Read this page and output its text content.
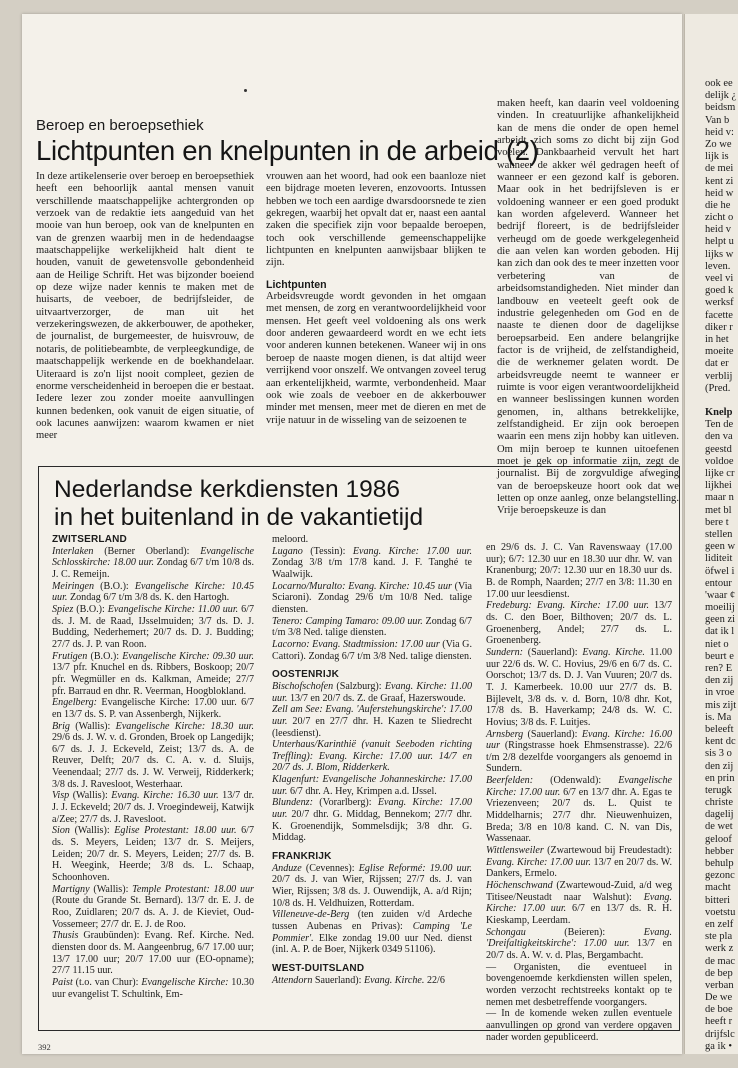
Beroep en beroepsethiek
Lichtpunten en knelpunten in de arbeid (2)

In deze artikelenserie over beroep en beroepsethiek heeft een behoorlijk aantal mensen vanuit verschillende maatschappelijke achtergronden op verzoek van de redaktie iets aangeduid van het mooie van hun beroep, ook van de knelpunten en van de grenzen waarbij men in de hedendaagse maatschappelijke werkelijkheid halt dient te houden, vanuit de gewetensvolle gebondenheid aan de Heilige Schrift. Het was bijzonder boeiend op deze wijze nader kennis te maken met de huisarts, de veeboer, de bedrijfsleider, de uitvaartverzorger, de man uit het verzekeringswezen, de akkerbouwer, de apotheker, de journalist, de burgemeester, de huisvrouw, de notaris, de politiebeambte, de verpleegkundige, de maatschappelijk werkende en de boekhandelaar. Uiteraard is zo'n lijst nooit compleet, gezien de enorme verscheidenheid in beroepen die er bestaat. Iedere lezer zou zonder moeite aanvullingen kunnen bedenken, ook vanuit de eigen situatie, of ook lacunes aanwijzen: waarom kwamen er niet meer

vrouwen aan het woord, had ook een baanloze niet een bijdrage moeten leveren, enzovoorts. Intussen hebben we toch een aardige dwarsdoorsnede te zien gekregen, waarbij het opvalt dat er, naast een aantal zaken die specifiek zijn voor bepaalde beroepen, toch ook verschillende gemeenschappelijke lichtpunten en knelpunten aanwijsbaar blijken te zijn.

Lichtpunten

Arbeidsvreugde wordt gevonden in het omgaan met mensen, de zorg en verantwoordelijkheid voor mensen. Het geeft veel voldoening als ons werk door anderen gewaardeerd wordt en we echt iets voor anderen kunnen betekenen. Waneer wij in ons beroep de naaste mogen dienen, is dat altijd weer verrijkend voor onszelf. We ontvangen zoveel terug aan erkentelijkheid, warmte, verbondenheid. Maar ook wie zoals de veeboer en de akkerbouwer minder met mensen, meer met de dieren en met de vrije natuur in de wisseling van de seizoenen te

maken heeft, kan daarin veel voldoening vinden. In creatuurlijke afhankelijkheid kan de mens die onder de open hemel arbeidt, zich soms zo dicht bij zijn God voelen. Dankbaarheid vervult het hart wanneer de akker wél gedragen heeft of wanneer er een gezond kalf is geboren. Maar ook in het bedrijfsleven is er voldoening wanneer er een goed produkt kan worden afgeleverd. Wanneer het bedrijf floreert, is de bedrijfsleider verheugd om de goede werkgelegenheid die aan velen kan worden geboden. Hij kan zich dan ook des te meer inzetten voor verbetering van de arbeidsomstandigheden. Niet minder dan landbouw en veeteelt geeft ook de industrie gelegenheden om God en de naaste te dienen door de dagelijkse beroepsarbeid. Een andere belangrijke factor is de vrijheid, de zelfstandigheid, die de werknemer gelaten wordt. De arbeidsvreugde neemt te wanneer er ruimte is voor eigen verantwoordelijkheid en wanneer beslissingen kunnen worden genomen, in, althans betrekkelijke, zelfstandigheid. Er zijn ook beroepen waarin een mens zijn hobby kan uitleven. Om mijn beroep te kunnen uitoefenen moet je gek op informatie zijn, zegt de journalist. Bij de zorgvuldige afweging van de beroepskeuze hoort ook dat we letten op onze aanleg, onze belangstelling. Vrije beroepskeuze is dan

Nederlandse kerkdiensten 1986
in het buitenland in de vakantietijd

ZWITSERLAND

Interlaken (Berner Oberland): Evangelische Schlosskirche: 18.00 uur. Zondag 6/7 t/m 10/8 ds. J. C. Remeijn.

Meiringen (B.O.): Evangelische Kirche: 10.45 uur. Zondag 6/7 t/m 3/8 ds. K. den Hartogh.

Spiez (B.O.): Evangelische Kirche: 11.00 uur. 6/7 ds. J. M. de Raad, IJsselmuiden; 3/7 ds. D. J. Budding, Nederhemert; 20/7 ds. D. J. Budding; 27/7 ds. J. P. van Roon.

Frutigen (B.O.): Evangelische Kirche: 09.30 uur. 13/7 pfr. Knuchel en ds. Ribbers, Boskoop; 20/7 pfr. Wegmüller en ds. Kalkman, Ameide; 27/7 pfr. Barraud en dhr. R. Veerman, Hoogblokland.

Engelberg: Evangelische Kirche: 17.00 uur. 6/7 en 13/7 ds. S. P. van Assenbergh, Nijkerk.

Brig (Wallis): Evangelische Kirche: 18.30 uur. 29/6 ds. J. W. v. d. Gronden, Broek op Langedijk; 6/7 ds. J. J. Eckeveld, Zeist; 13/7 ds. A. de Reuver, Delft; 20/7 ds. C. A. v. d. Sluijs, Veenendaal; 27/7 ds. J. W. Verweij, Ridderkerk; 3/8 ds. J. Ravesloot, Westerhaar.

Visp (Wallis): Evang. Kirche: 16.30 uur. 13/7 dr. J. J. Eckeveld; 20/7 ds. J. Vroegindeweij, Katwijk a/Zee; 27/7 ds. J. Ravesloot.

Sion (Wallis): Eglise Protestant: 18.00 uur. 6/7 ds. S. Meyers, Leiden; 13/7 dr. S. Meijers, Leiden; 20/7 dr. S. Meyers, Leiden; 27/7 ds. B. H. Weegink, Heerde; 3/8 ds. L. Schaap, Schoonhoven.

Martigny (Wallis): Temple Protestant: 18.00 uur (Route du Grande St. Bernard). 13/7 dr. E. J. de Roo, Zuidlaren; 20/7 ds. A. J. de Kieviet, Oud-Vossemeer; 27/7 dr. E. J. de Roo.

Thusis Graubünden): Evang. Ref. Kirche. Ned. diensten door ds. M. Aangeenbrug, 6/7 17.00 uur; 13/7 17.00 uur; 20/7 17.00 uur (EO-opname); 27/7 11.15 uur.

Paist (t.o. van Chur): Evangelische Kirche: 10.30 uur evangelist T. Schultink, Em-

meloord.

Lugano (Tessin): Evang. Kirche: 17.00 uur. Zondag 3/8 t/m 17/8 kand. J. F. Tanghé te Waalwijk.

Locarno/Muralto: Evang. Kirche: 10.45 uur (Via Sciaroni). Zondag 29/6 t/m 10/8 Ned. talige diensten.

Tenero: Camping Tamaro: 09.00 uur. Zondag 6/7 t/m 3/8 Ned. talige diensten.

Lacorno: Evang. Stadtmission: 17.00 uur (Via G. Cattori). Zondag 6/7 t/m 3/8 Ned. talige diensten.

OOSTENRIJK

Bischofschofen (Salzburg): Evang. Kirche: 11.00 uur. 13/7 en 20/7 ds. Z. de Graaf, Hazerswoude.

Zell am See: Evang. 'Auferstehungskirche': 17.00 uur. 20/7 en 27/7 dhr. H. Kazen te Sliedrecht (leesdienst).

Unterhaus/Karinthië (vanuit Seeboden richting Treffling): Evang. Kirche: 17.00 uur. 14/7 en 20/7 ds. J. Blom, Ridderkerk.

Klagenfurt: Evangelische Johanneskirche: 17.00 uur. 6/7 dhr. A. Hey, Krimpen a.d. IJssel.

Blundenz: (Vorarlberg): Evang. Kirche: 17.00 uur. 20/7 dhr. G. Middag, Bennekom; 27/7 dhr. K. Groenendijk, Sommelsdijk; 3/8 dhr. G. Middag.

FRANKRIJK

Anduze (Cevennes): Eglise Reformé: 19.00 uur. 20/7 ds. J. van Wier, Rijssen; 27/7 ds. J. van Wier, Rijssen; 3/8 ds. J. Ouwendijk, A. a/d Rijn; 10/8 ds. H. Veldhuizen, Rotterdam.

Villeneuve-de-Berg (ten zuiden v/d Ardeche tussen Aubenas en Privas): Camping 'Le Pommier'. Elke zondag 19.00 uur Ned. dienst (inl. A. P. de Boer, Nijkerk 0349 51106).

WEST-DUITSLAND

Attendorn Sauerland): Evang. Kirche. 22/6

en 29/6 ds. J. C. Van Ravenswaay (17.00 uur); 6/7: 12.30 uur en 18.30 uur dhr. W. van Kranenburg; 20/7: 12.30 uur en 18.30 uur ds. B. de Romph, Naarden; 27/7 en 3/8: 11.30 en 17.00 uur leesdienst.

Fredeburg: Evang. Kirche: 17.00 uur. 13/7 ds. C. den Boer, Bilthoven; 20/7 ds. L. Groenenberg, Andel; 27/7 ds. L. Groenenberg.

Sundern: (Sauerland): Evang. Kirche. 11.00 uur 22/6 ds. W. C. Hovius, 29/6 en 6/7 ds. C. Oorschot; 13/7 ds. D. J. Van Vuuren; 20/7 ds. T. J. Kamerbeek. 10.00 uur 27/7 ds. B. Bijlevelt, 3/8 ds. v. d. Born, 10/8 dhr. Kot, 17/8 ds. B. Haverkamp; 24/8 ds. W. C. Hovius; 3/8 ds. F. Luitjes.

Arnsberg (Sauerland): Evang. Kirche: 16.00 uur (Ringstrasse hoek Ehmsenstrasse). 22/6 t/m 2/8 dezelfde voorgangers als genoemd in Sundern.

Beerfelden: (Odenwald): Evangelische Kirche: 17.00 uur. 6/7 en 13/7 dhr. A. Egas te Vriezenveen; 20/7 ds. L. Quist te Middelharnis; 27/7 dhr. Nieuwenhuizen, Breda; 3/8 en 10/8 kand. C. N. van Dis, Wassenaar.

Wittlensweiler (Zwartewoud bij Freudestadt): Evang. Kirche: 17.00 uur. 13/7 en 20/7 ds. W. Dankers, Ermelo.

Höchenschwand (Zwartewoud-Zuid, a/d weg Titisee/Neustadt naar Walshut): Evang. Kirche: 17.00 uur. 6/7 en 13/7 ds. R. H. Kieskamp, Leerdam.

Schongau (Beieren): Evang. 'Dreifaltigkeitskirche': 17.00 uur. 13/7 en 20/7 ds. A. W. v. d. Plas, Bergambacht.

— Organisten, die eventueel in bovengenoemde kerkdiensten willen spelen, worden verzocht rechtstreeks kontakt op te nemen met desbetreffende voorgangers.

— In de komende weken zullen eventuele aanvullingen op grond van verdere opgaven nader worden gepubliceerd.

392
ook ee
delijk ¿
beidsm
Van b
heid v:
Zo we
lijk is
de mei
kent zi
heid w
die he
zicht o
heid v
helpt u
lijks w
leven.
veel vi
goed k
werksf
facette
diker r
in het
moeite
dat er
verblij
(Pred.
Knelp
Ten de
den va
geestd
voldoe
lijke cr
lijkhei
maar n
met bl
bere t
stellen
geen w
liditeit
öfwel i
entour
'waar ¢
moeilij
geen zi
dat ik l
niet o
beurt e
ren? E
den zij
in vroe
mis zijt
is. Ma
beleeft
kent dc
sis 3 o
den zij
en prin
terugk
christe
dagelij
de wet
geloof
hebber
behulp
gezonc
macht
bitteri
voetstu
en zelf
ste pla
werk z
de mac
de bep
verban
De we
de boe
heeft r
drijfslc
ga ik •
